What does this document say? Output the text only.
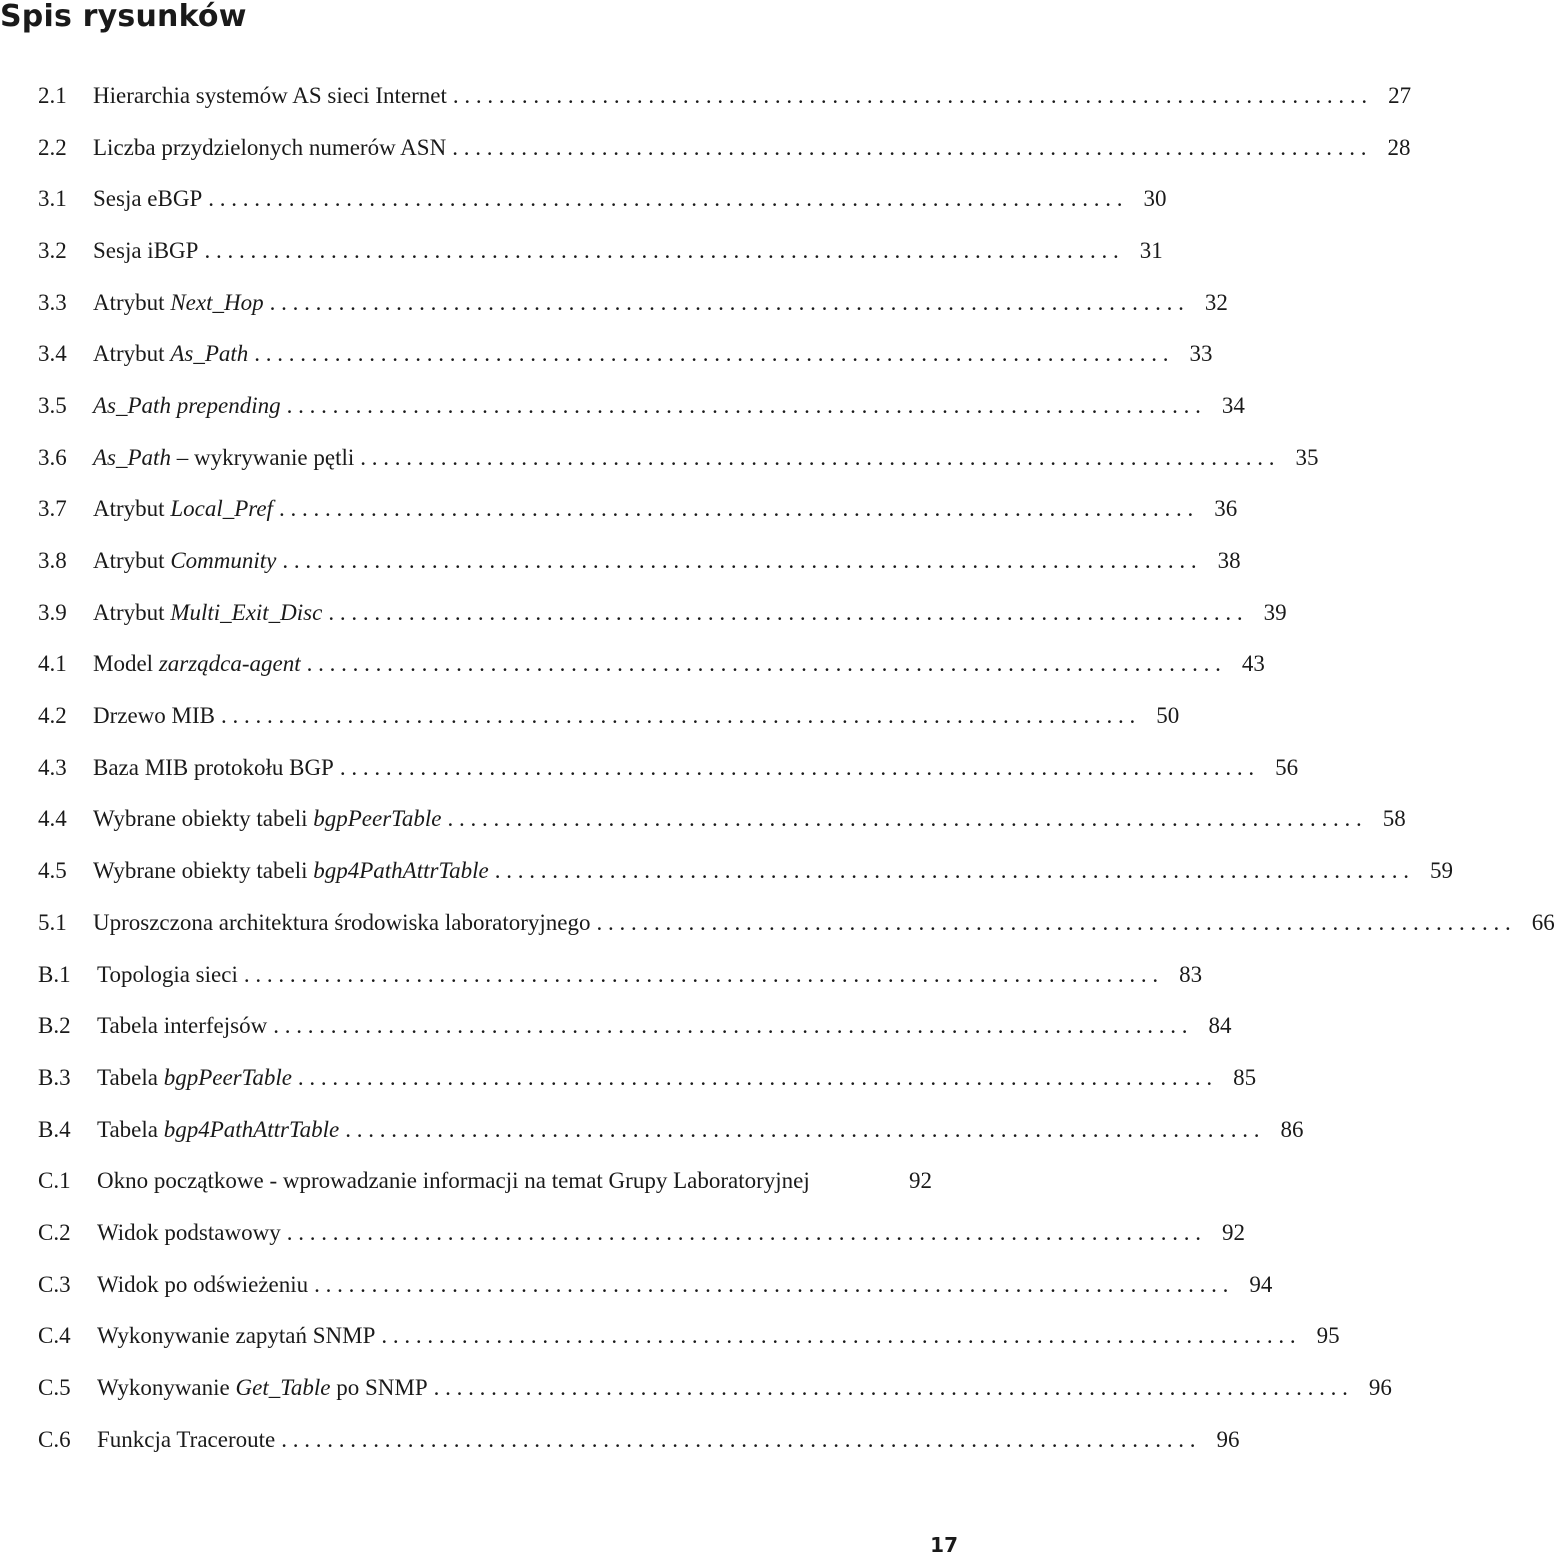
Spis rysunków
2.1	Hierarchia systemów AS sieci Internet . . . . . . . . . . . . . . . . . . . . . . . . . . . . . . . . . . . . . . . . . . . . . . . . . . . . . . . . . . . . . . . . . . . . . . . . . . . . . . . . 27
2.2	Liczba przydzielonych numerów ASN . . . . . . . . . . . . . . . . . . . . . . . . . . . . . . . . . . . . . . . . . . . . . . . . . . . . . . . . . . . . . . . . . . . . . . . . . . . . . . . . 28
3.1	Sesja eBGP . . . . . . . . . . . . . . . . . . . . . . . . . . . . . . . . . . . . . . . . . . . . . . . . . . . . . . . . . . . . . . . . . . . . . . . . . . . . . . . . 30
3.2	Sesja iBGP . . . . . . . . . . . . . . . . . . . . . . . . . . . . . . . . . . . . . . . . . . . . . . . . . . . . . . . . . . . . . . . . . . . . . . . . . . . . . . . . 31
3.3	Atrybut Next_Hop . . . . . . . . . . . . . . . . . . . . . . . . . . . . . . . . . . . . . . . . . . . . . . . . . . . . . . . . . . . . . . . . . . . . . . . . . . . . . . . . 32
3.4	Atrybut As_Path . . . . . . . . . . . . . . . . . . . . . . . . . . . . . . . . . . . . . . . . . . . . . . . . . . . . . . . . . . . . . . . . . . . . . . . . . . . . . . . . 33
3.5	As_Path prepending . . . . . . . . . . . . . . . . . . . . . . . . . . . . . . . . . . . . . . . . . . . . . . . . . . . . . . . . . . . . . . . . . . . . . . . . . . . . . . . . 34
3.6	As_Path – wykrywanie pętli . . . . . . . . . . . . . . . . . . . . . . . . . . . . . . . . . . . . . . . . . . . . . . . . . . . . . . . . . . . . . . . . . . . . . . . . . . . . . . . . 35
3.7	Atrybut Local_Pref . . . . . . . . . . . . . . . . . . . . . . . . . . . . . . . . . . . . . . . . . . . . . . . . . . . . . . . . . . . . . . . . . . . . . . . . . . . . . . . . 36
3.8	Atrybut Community . . . . . . . . . . . . . . . . . . . . . . . . . . . . . . . . . . . . . . . . . . . . . . . . . . . . . . . . . . . . . . . . . . . . . . . . . . . . . . . . 38
3.9	Atrybut Multi_Exit_Disc . . . . . . . . . . . . . . . . . . . . . . . . . . . . . . . . . . . . . . . . . . . . . . . . . . . . . . . . . . . . . . . . . . . . . . . . . . . . . . . . 39
4.1	Model zarządca-agent . . . . . . . . . . . . . . . . . . . . . . . . . . . . . . . . . . . . . . . . . . . . . . . . . . . . . . . . . . . . . . . . . . . . . . . . . . . . . . . . 43
4.2	Drzewo MIB . . . . . . . . . . . . . . . . . . . . . . . . . . . . . . . . . . . . . . . . . . . . . . . . . . . . . . . . . . . . . . . . . . . . . . . . . . . . . . . . 50
4.3	Baza MIB protokołu BGP . . . . . . . . . . . . . . . . . . . . . . . . . . . . . . . . . . . . . . . . . . . . . . . . . . . . . . . . . . . . . . . . . . . . . . . . . . . . . . . . 56
4.4	Wybrane obiekty tabeli bgpPeerTable . . . . . . . . . . . . . . . . . . . . . . . . . . . . . . . . . . . . . . . . . . . . . . . . . . . . . . . . . . . . . . . . . . . . . . . . . . . . . . . . 58
4.5	Wybrane obiekty tabeli bgp4PathAttrTable . . . . . . . . . . . . . . . . . . . . . . . . . . . . . . . . . . . . . . . . . . . . . . . . . . . . . . . . . . . . . . . . . . . . . . . . . . . . . . . . 59
5.1	Uproszczona architektura środowiska laboratoryjnego . . . . . . . . . . . . . . . . . . . . . . . . . . . . . . . . . . . . . . . . . . . . . . . . . . . . . . . . . . . . . . . . . . . . . . . . . . . . . . . . 66
B.1	Topologia sieci . . . . . . . . . . . . . . . . . . . . . . . . . . . . . . . . . . . . . . . . . . . . . . . . . . . . . . . . . . . . . . . . . . . . . . . . . . . . . . . . 83
B.2	Tabela interfejsów . . . . . . . . . . . . . . . . . . . . . . . . . . . . . . . . . . . . . . . . . . . . . . . . . . . . . . . . . . . . . . . . . . . . . . . . . . . . . . . . 84
B.3	Tabela bgpPeerTable . . . . . . . . . . . . . . . . . . . . . . . . . . . . . . . . . . . . . . . . . . . . . . . . . . . . . . . . . . . . . . . . . . . . . . . . . . . . . . . . 85
B.4	Tabela bgp4PathAttrTable . . . . . . . . . . . . . . . . . . . . . . . . . . . . . . . . . . . . . . . . . . . . . . . . . . . . . . . . . . . . . . . . . . . . . . . . . . . . . . . . 86
C.1	Okno początkowe - wprowadzanie informacji na temat Grupy Laboratoryjnej	92
C.2	Widok podstawowy . . . . . . . . . . . . . . . . . . . . . . . . . . . . . . . . . . . . . . . . . . . . . . . . . . . . . . . . . . . . . . . . . . . . . . . . . . . . . . . . 92
C.3	Widok po odświeżeniu . . . . . . . . . . . . . . . . . . . . . . . . . . . . . . . . . . . . . . . . . . . . . . . . . . . . . . . . . . . . . . . . . . . . . . . . . . . . . . . . 94
C.4	Wykonywanie zapytań SNMP . . . . . . . . . . . . . . . . . . . . . . . . . . . . . . . . . . . . . . . . . . . . . . . . . . . . . . . . . . . . . . . . . . . . . . . . . . . . . . . . 95
C.5	Wykonywanie Get_Table po SNMP . . . . . . . . . . . . . . . . . . . . . . . . . . . . . . . . . . . . . . . . . . . . . . . . . . . . . . . . . . . . . . . . . . . . . . . . . . . . . . . . 96
C.6	Funkcja Traceroute . . . . . . . . . . . . . . . . . . . . . . . . . . . . . . . . . . . . . . . . . . . . . . . . . . . . . . . . . . . . . . . . . . . . . . . . . . . . . . . . 96
17
